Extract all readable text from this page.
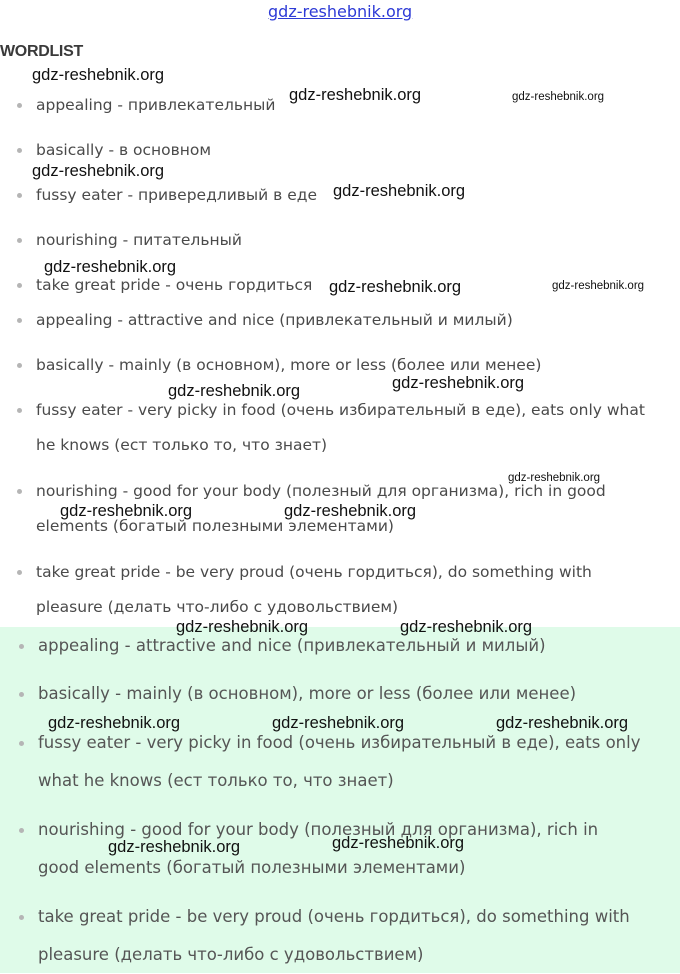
gdz-reshebnik.org
WORDLIST
appealing - привлекательный
basically - в основном
fussy eater - привередливый в еде
nourishing - питательный
take great pride - очень гордиться
appealing - attractive and nice (привлекательный и милый)
basically - mainly (в основном), more or less (более или менее)
fussy eater - very picky in food (очень избирательный в еде), eats only what
he knows (ест только то, что знает)
nourishing - good for your body (полезный для организма), rich in good
elements (богатый полезными элементами)
take great pride - be very proud (очень гордиться), do something with
pleasure (делать что-либо с удовольствием)
appealing - attractive and nice (привлекательный и милый)
basically - mainly (в основном), more or less (более или менее)
fussy eater - very picky in food (очень избирательный в еде), eats only
what he knows (ест только то, что знает)
nourishing - good for your body (полезный для организма), rich in
good elements (богатый полезными элементами)
take great pride - be very proud (очень гордиться), do something with
pleasure (делать что-либо с удовольствием)
gdz-reshebnik.org
gdz-reshebnik.org	gdz-reshebnik.org
gdz-reshebnik.org
gdz-reshebnik.org
gdz-reshebnik.org
gdz-reshebnik.org	gdz-reshebnik.org
gdz-reshebnik.org	gdz-reshebnik.org
gdz-reshebnik.org
gdz-reshebnik.org	gdz-reshebnik.org
gdz-reshebnik.org	gdz-reshebnik.org
gdz-reshebnik.org	gdz-reshebnik.org	gdz-reshebnik.org
gdz-reshebnik.org	gdz-reshebnik.org
